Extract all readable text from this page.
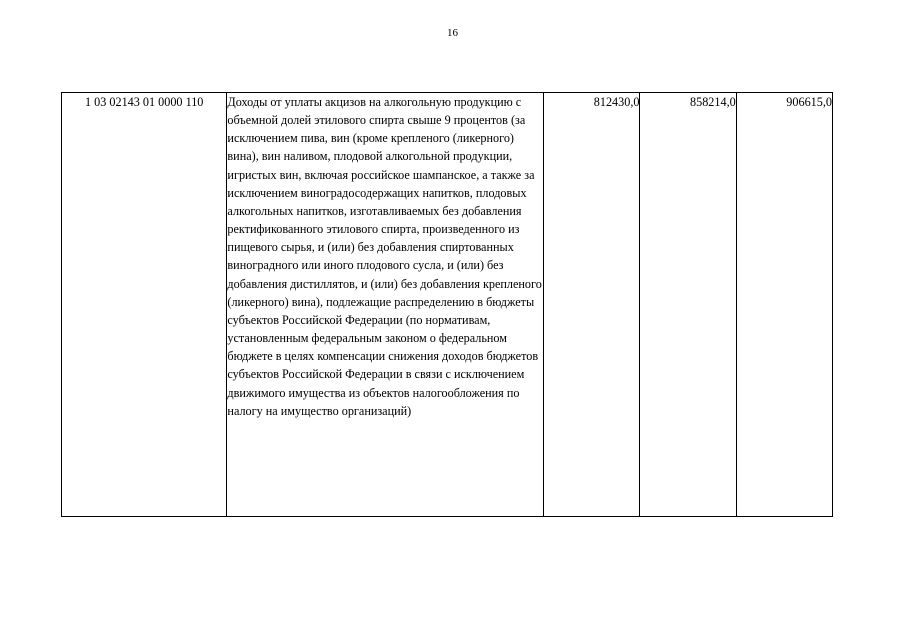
16
1 03 02143 01 0000 110	Доходы от уплаты акцизов на алкогольную продукцию с объемной долей этилового спирта свыше 9 процентов (за исключением пива, вин (кроме крепленого (ликерного) вина), вин наливом, плодовой алкогольной продукции, игристых вин, включая российское шампанское, а также за исключением виноградосодержащих напитков, плодовых алкогольных напитков, изготавливаемых без добавления ректификованного этилового спирта, произведенного из пищевого сырья, и (или) без добавления спиртованных виноградного или иного плодового сусла, и (или) без добавления дистиллятов, и (или) без добавления крепленого (ликерного) вина), подлежащие распределению в бюджеты субъектов Российской Федерации (по нормативам, установленным федеральным законом о федеральном бюджете в целях компенсации снижения доходов бюджетов субъектов Российской Федерации в связи с исключением движимого имущества из объектов налогообложения по налогу на имущество организаций)	812430,0	858214,0	906615,0
